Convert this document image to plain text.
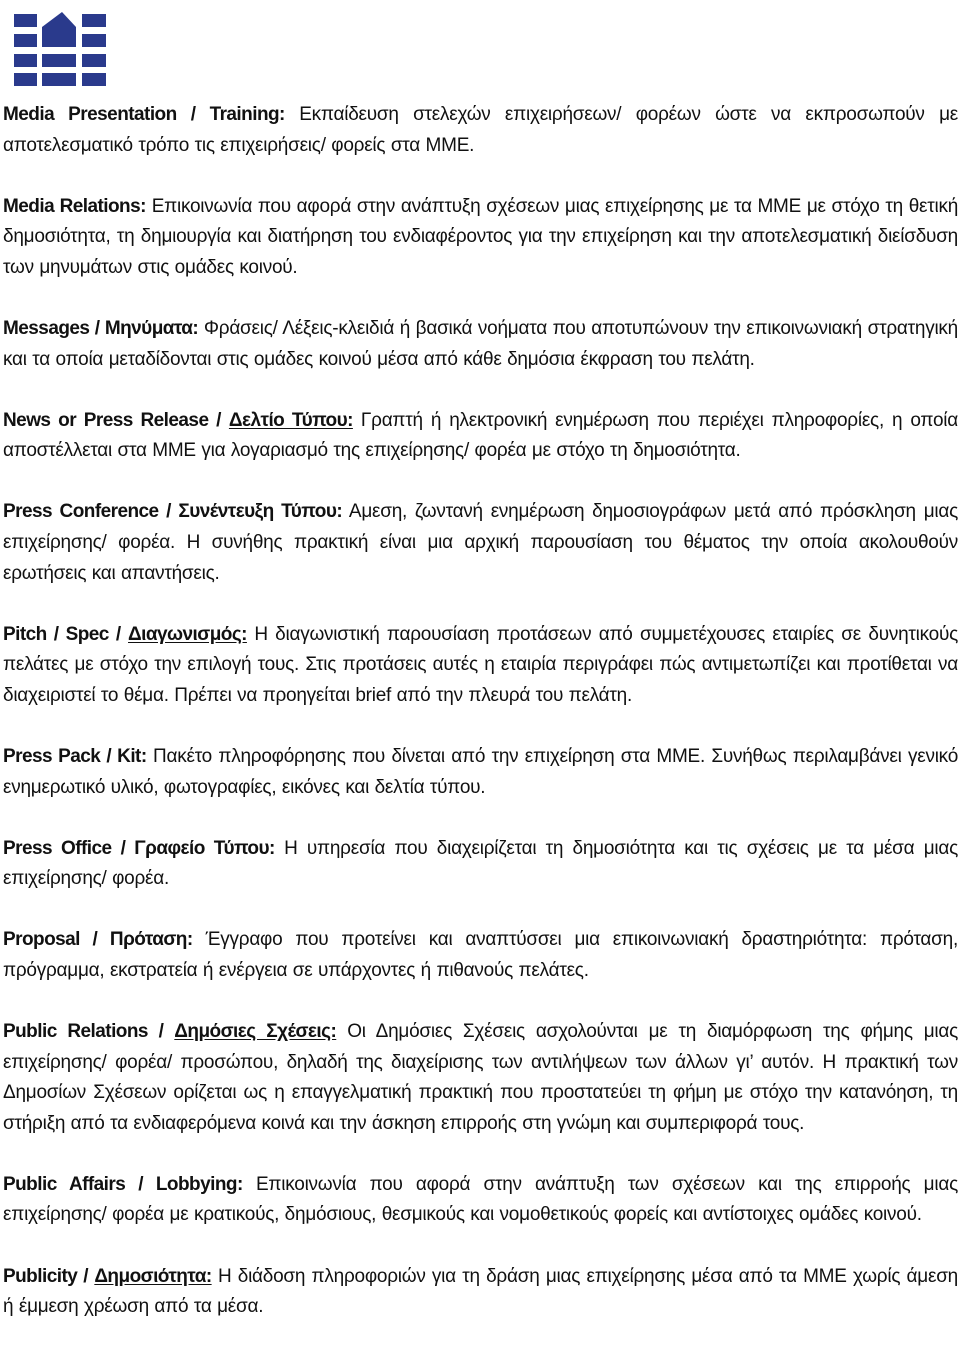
Media Presentation / Training: Εκπαίδευση στελεχών επιχειρήσεων/ φορέων ώστε να εκπροσωπούν με αποτελεσματικό τρόπο τις επιχειρήσεις/ φορείς στα ΜΜΕ.

Media Relations: Επικοινωνία που αφορά στην ανάπτυξη σχέσεων μιας επιχείρησης με τα ΜΜΕ με στόχο τη θετική δημοσιότητα, τη δημιουργία και διατήρηση του ενδιαφέροντος για την επιχείρηση και την αποτελεσματική διείσδυση των μηνυμάτων στις ομάδες κοινού.

Messages / Μηνύματα: Φράσεις/ Λέξεις-κλειδιά ή βασικά νοήματα που αποτυπώνουν την επικοινωνιακή στρατηγική και τα οποία μεταδίδονται στις ομάδες κοινού μέσα από κάθε δημόσια έκφραση του πελάτη.

News or Press Release / Δελτίο Τύπου: Γραπτή ή ηλεκτρονική ενημέρωση που περιέχει πληροφορίες, η οποία αποστέλλεται στα ΜΜΕ για λογαριασμό της επιχείρησης/ φορέα με στόχο τη δημοσιότητα.

Press Conference / Συνέντευξη Τύπου: Αμεση, ζωντανή ενημέρωση δημοσιογράφων μετά από πρόσκληση μιας επιχείρησης/ φορέα. Η συνήθης πρακτική είναι μια αρχική παρουσίαση του θέματος την οποία ακολουθούν ερωτήσεις και απαντήσεις.

Pitch / Spec / Διαγωνισμός: Η διαγωνιστική παρουσίαση προτάσεων από συμμετέχουσες εταιρίες σε δυνητικούς πελάτες με στόχο την επιλογή τους. Στις προτάσεις αυτές η εταιρία περιγράφει πώς αντιμετωπίζει και προτίθεται να διαχειριστεί το θέμα. Πρέπει να προηγείται brief από την πλευρά του πελάτη.

Press Pack / Kit: Πακέτο πληροφόρησης που δίνεται από την επιχείρηση στα ΜΜΕ. Συνήθως περιλαμβάνει γενικό ενημερωτικό υλικό, φωτογραφίες, εικόνες και δελτία τύπου.

Press Office / Γραφείο Τύπου: Η υπηρεσία που διαχειρίζεται τη δημοσιότητα και τις σχέσεις με τα μέσα μιας επιχείρησης/ φορέα.

Proposal / Πρόταση: Έγγραφο που προτείνει και αναπτύσσει μια επικοινωνιακή δραστηριότητα: πρόταση, πρόγραμμα, εκστρατεία ή ενέργεια σε υπάρχοντες ή πιθανούς πελάτες.

Public Relations / Δημόσιες Σχέσεις: Οι Δημόσιες Σχέσεις ασχολούνται με τη διαμόρφωση της φήμης μιας επιχείρησης/ φορέα/ προσώπου, δηλαδή της διαχείρισης των αντιλήψεων των άλλων γι’ αυτόν. Η πρακτική των Δημοσίων Σχέσεων ορίζεται ως η επαγγελματική πρακτική που προστατεύει τη φήμη με στόχο την κατανόηση, τη στήριξη από τα ενδιαφερόμενα κοινά και την άσκηση επιρροής στη γνώμη και συμπεριφορά τους.

Public Affairs / Lobbying: Επικοινωνία που αφορά στην ανάπτυξη των σχέσεων και της επιρροής μιας επιχείρησης/ φορέα με κρατικούς, δημόσιους, θεσμικούς και νομοθετικούς φορείς και αντίστοιχες ομάδες κοινού.

Publicity / Δημοσιότητα: Η διάδοση πληροφοριών για τη δράση μιας επιχείρησης μέσα από τα ΜΜΕ χωρίς άμεση ή έμμεση χρέωση από τα μέσα.
